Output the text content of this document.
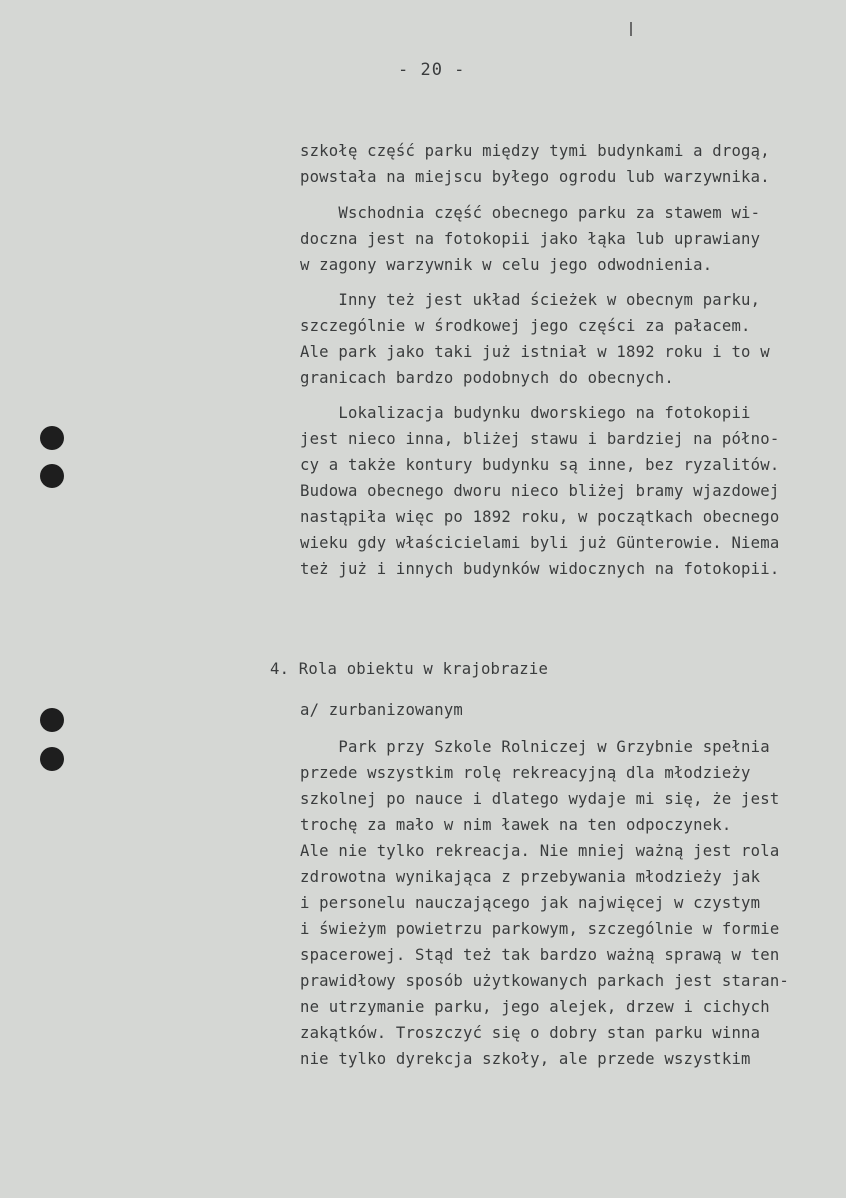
- 20 -
szkołę część parku między tymi budynkami a drogą,
powstała na miejscu byłego ogrodu lub warzywnika.
Wschodnia część obecnego parku za stawem wi-
doczna jest na fotokopii jako łąka lub uprawiany
w zagony warzywnik w celu jego odwodnienia.
Inny też jest układ ścieżek w obecnym parku,
szczególnie w środkowej jego części za pałacem.
Ale park jako taki już istniał w 1892 roku i to w
granicach bardzo podobnych do obecnych.
Lokalizacja budynku dworskiego na fotokopii
jest nieco inna, bliżej stawu i bardziej na półno-
cy a także kontury budynku są inne, bez ryzalitów.
Budowa obecnego dworu nieco bliżej bramy wjazdowej
nastąpiła więc po 1892 roku, w początkach obecnego
wieku gdy właścicielami byli już Günterowie. Niema
też już i innych budynków widocznych na fotokopii.
4. Rola obiektu w krajobrazie
a/ zurbanizowanym
Park przy Szkole Rolniczej w Grzybnie spełnia
przede wszystkim rolę rekreacyjną dla młodzieży
szkolnej po nauce i dlatego wydaje mi się, że jest
trochę za mało w nim ławek na ten odpoczynek.
Ale nie tylko rekreacja. Nie mniej ważną jest rola
zdrowotna wynikająca z przebywania młodzieży jak
i personelu nauczającego jak najwięcej w czystym
i świeżym powietrzu parkowym, szczególnie w formie
spacerowej. Stąd też tak bardzo ważną sprawą w ten
prawidłowy sposób użytkowanych parkach jest staran-
ne utrzymanie parku, jego alejek, drzew i cichych
zakątków. Troszczyć się o dobry stan parku winna
nie tylko dyrekcja szkoły, ale przede wszystkim
